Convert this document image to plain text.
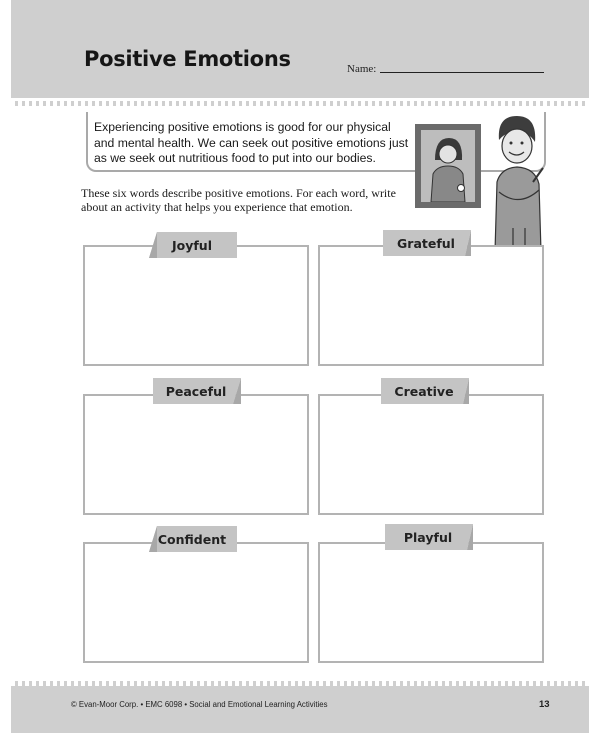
Positive Emotions	Name:

Experiencing positive emotions is good for our physical and mental health. We can seek out positive emotions just as we seek out nutritious food to put into our bodies.

These six words describe positive emotions. For each word, write about an activity that helps you experience that emotion.

Joyful	Grateful
Peaceful	Creative
Confident	Playful
© Evan-Moor Corp. • EMC 6098 • Social and Emotional Learning Activities	13
